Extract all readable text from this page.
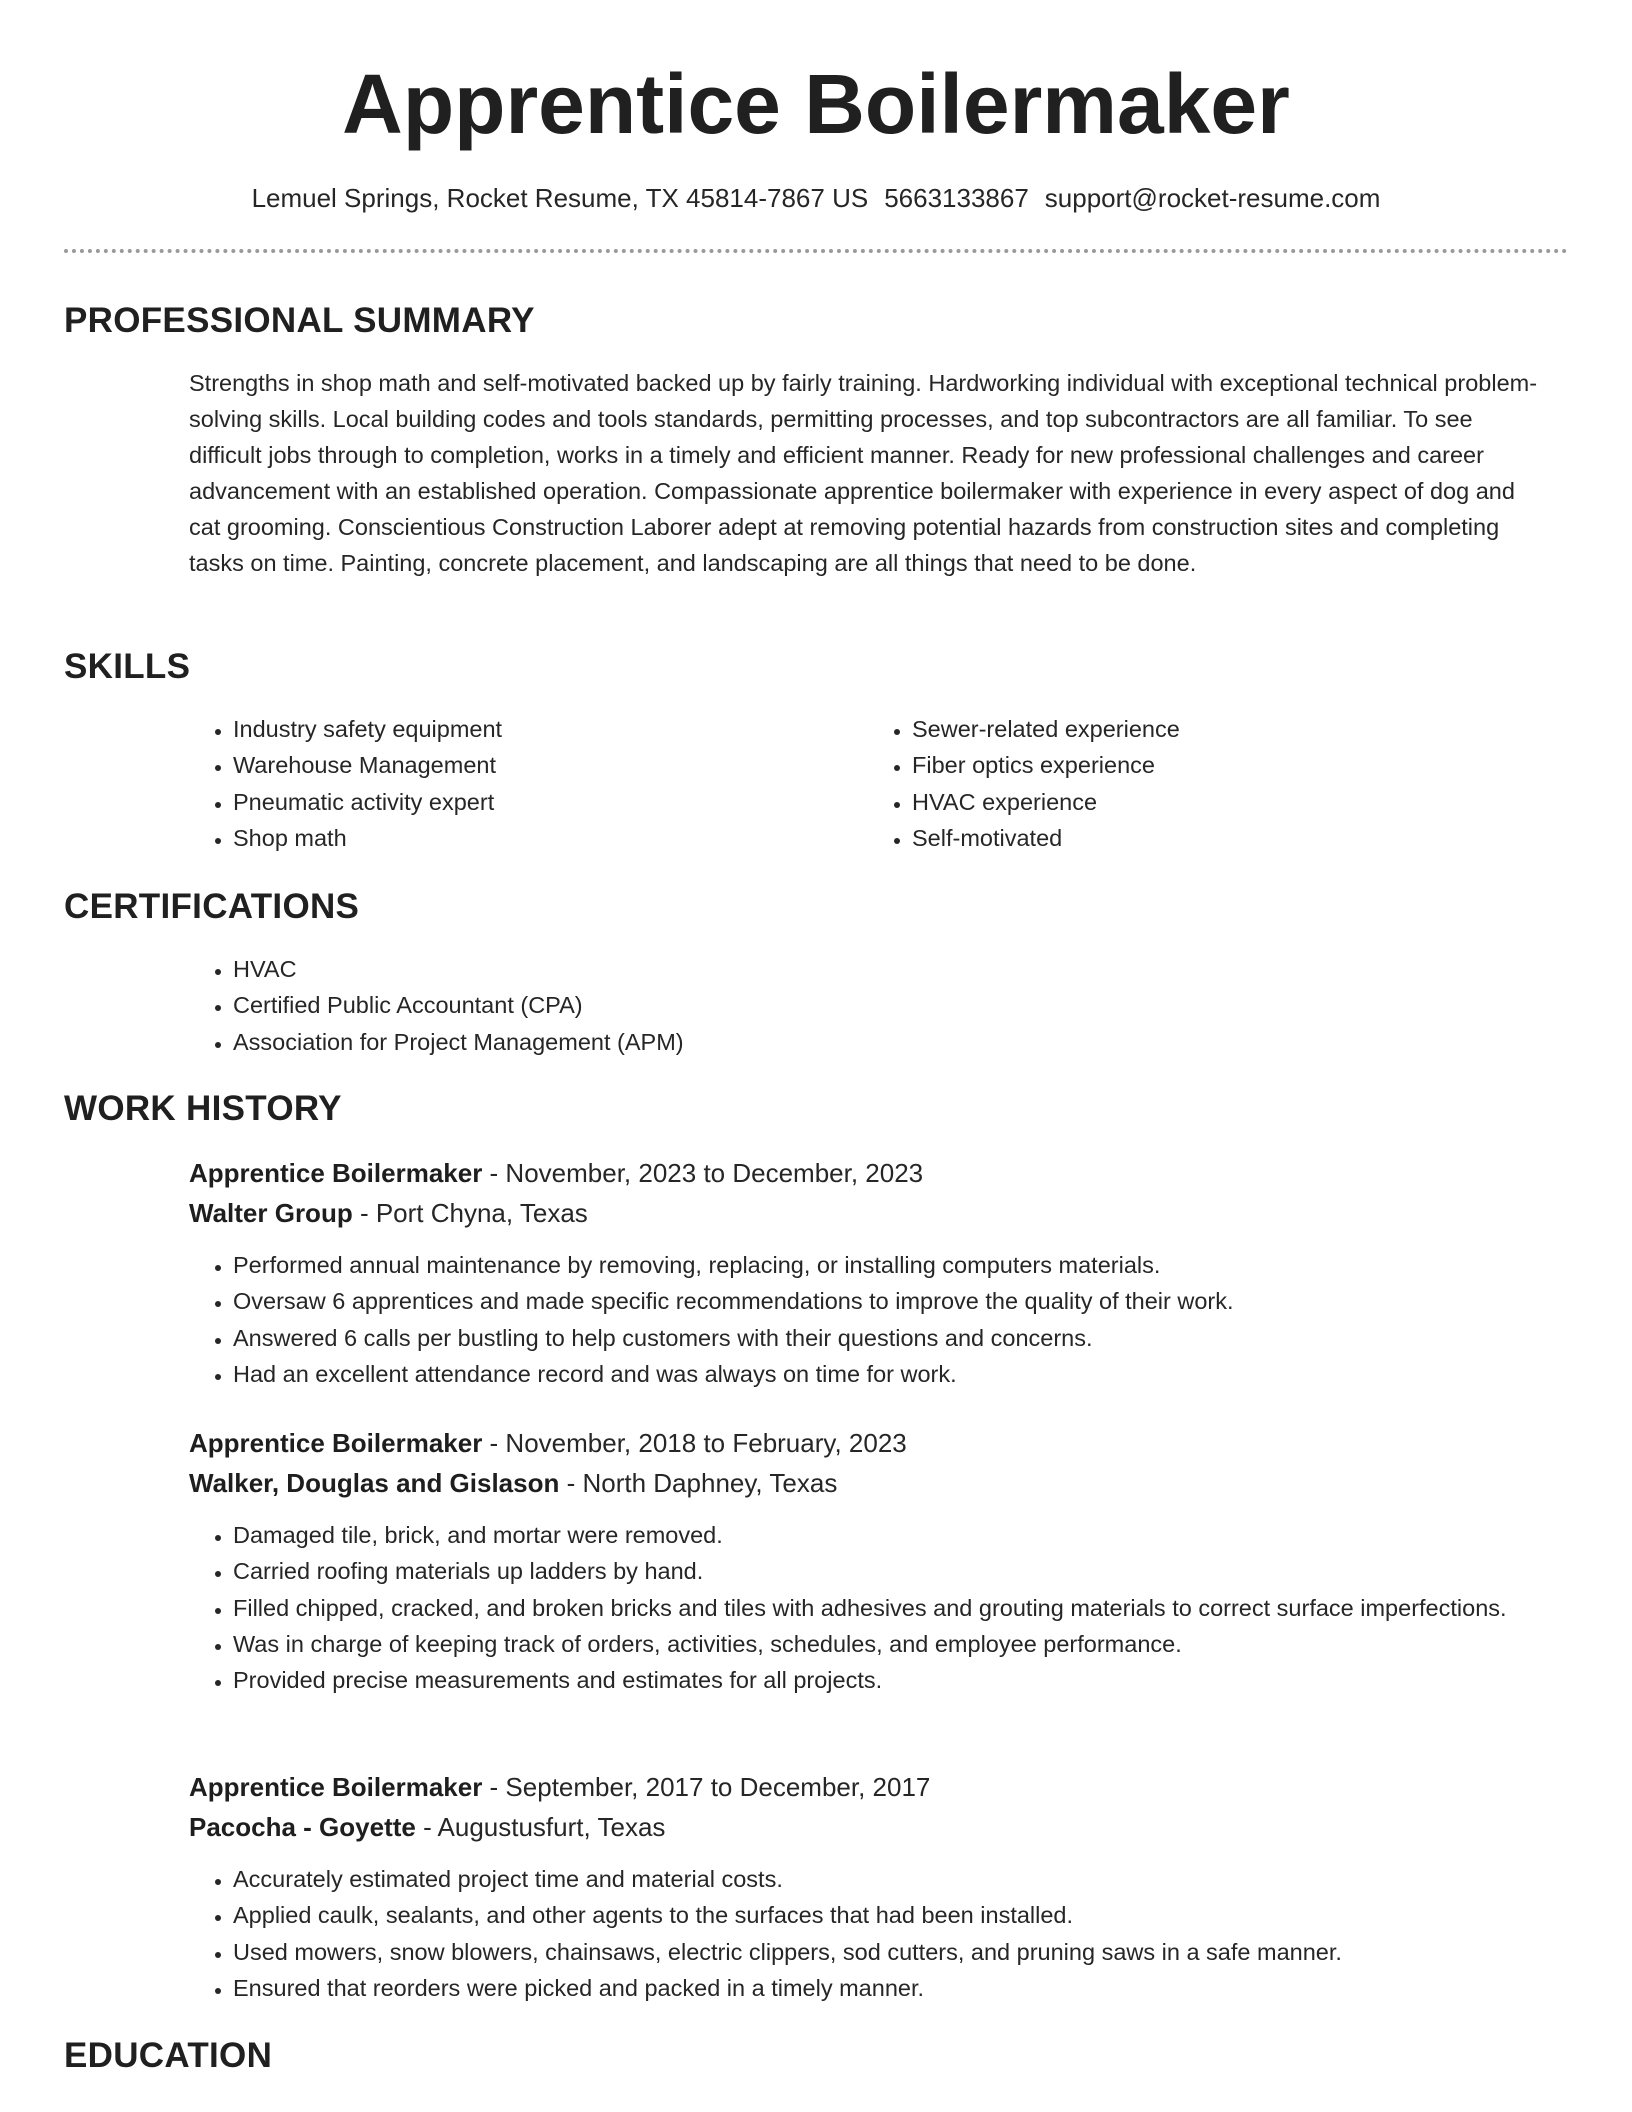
Apprentice Boilermaker
Lemuel Springs, Rocket Resume, TX 45814-7867 US 5663133867 support@rocket-resume.com
PROFESSIONAL SUMMARY

Strengths in shop math and self-motivated backed up by fairly training. Hardworking individual with exceptional technical problem-solving skills. Local building codes and tools standards, permitting processes, and top subcontractors are all familiar. To see difficult jobs through to completion, works in a timely and efficient manner. Ready for new professional challenges and career advancement with an established operation. Compassionate apprentice boilermaker with experience in every aspect of dog and cat grooming. Conscientious Construction Laborer adept at removing potential hazards from construction sites and completing tasks on time. Painting, concrete placement, and landscaping are all things that need to be done.

SKILLS
• Industry safety equipment
• Warehouse Management
• Pneumatic activity expert
• Shop math
• Sewer-related experience
• Fiber optics experience
• HVAC experience
• Self-motivated
CERTIFICATIONS
• HVAC
• Certified Public Accountant (CPA)
• Association for Project Management (APM)
WORK HISTORY
Apprentice Boilermaker - November, 2023 to December, 2023
Walter Group - Port Chyna, Texas
• Performed annual maintenance by removing, replacing, or installing computers materials.
• Oversaw 6 apprentices and made specific recommendations to improve the quality of their work.
• Answered 6 calls per bustling to help customers with their questions and concerns.
• Had an excellent attendance record and was always on time for work.
Apprentice Boilermaker - November, 2018 to February, 2023
Walker, Douglas and Gislason - North Daphney, Texas
• Damaged tile, brick, and mortar were removed.
• Carried roofing materials up ladders by hand.
• Filled chipped, cracked, and broken bricks and tiles with adhesives and grouting materials to correct surface imperfections.
• Was in charge of keeping track of orders, activities, schedules, and employee performance.
• Provided precise measurements and estimates for all projects.
Apprentice Boilermaker - September, 2017 to December, 2017
Pacocha - Goyette - Augustusfurt, Texas
• Accurately estimated project time and material costs.
• Applied caulk, sealants, and other agents to the surfaces that had been installed.
• Used mowers, snow blowers, chainsaws, electric clippers, sod cutters, and pruning saws in a safe manner.
• Ensured that reorders were picked and packed in a timely manner.
EDUCATION
